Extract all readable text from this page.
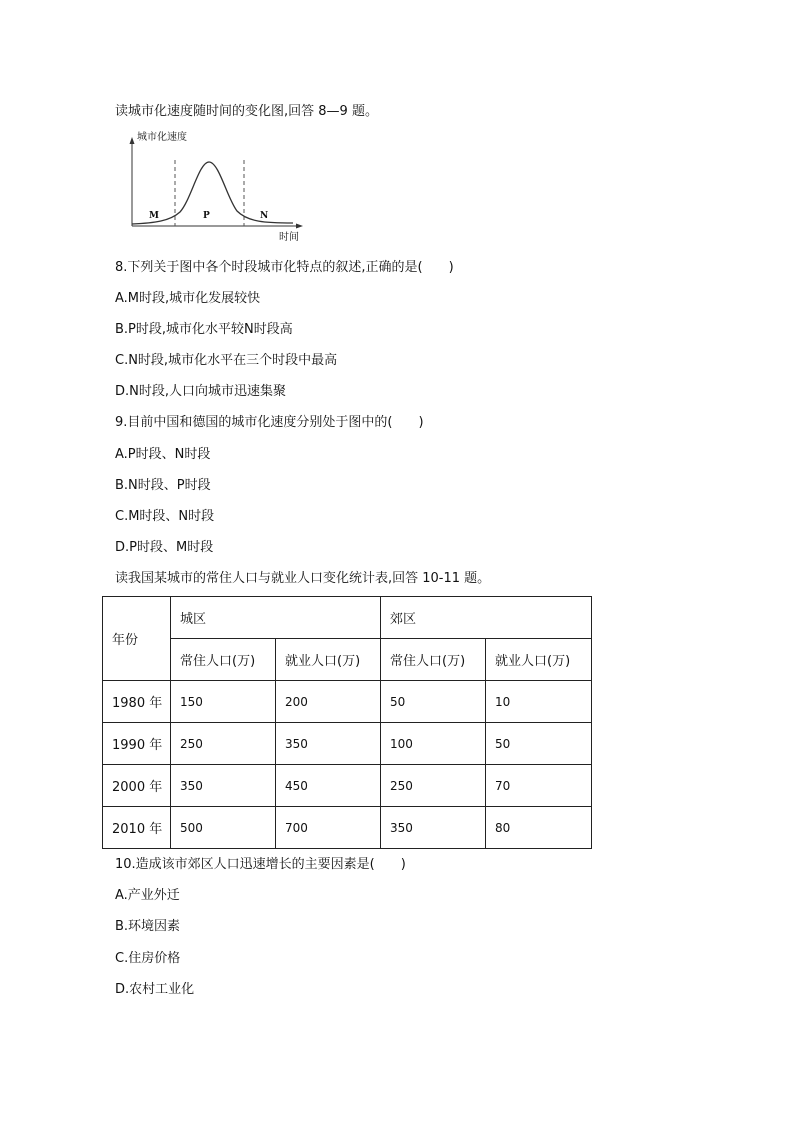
读城市化速度随时间的变化图,回答 8—9 题。
城市化速度
时间
M	P	N
8.下列关于图中各个时段城市化特点的叙述,正确的是(　　)
A.M时段,城市化发展较快
B.P时段,城市化水平较N时段高
C.N时段,城市化水平在三个时段中最高
D.N时段,人口向城市迅速集聚
9.目前中国和德国的城市化速度分别处于图中的(　　)
A.P时段、N时段
B.N时段、P时段
C.M时段、N时段
D.P时段、M时段
读我国某城市的常住人口与就业人口变化统计表,回答 10-11 题。
年份	城区		郊区	
	常住人口(万)	就业人口(万)	常住人口(万)	就业人口(万)
1980 年	150	200	50	10
1990 年	250	350	100	50
2000 年	350	450	250	70
2010 年	500	700	350	80
10.造成该市郊区人口迅速增长的主要因素是(　　)
A.产业外迁
B.环境因素
C.住房价格
D.农村工业化
